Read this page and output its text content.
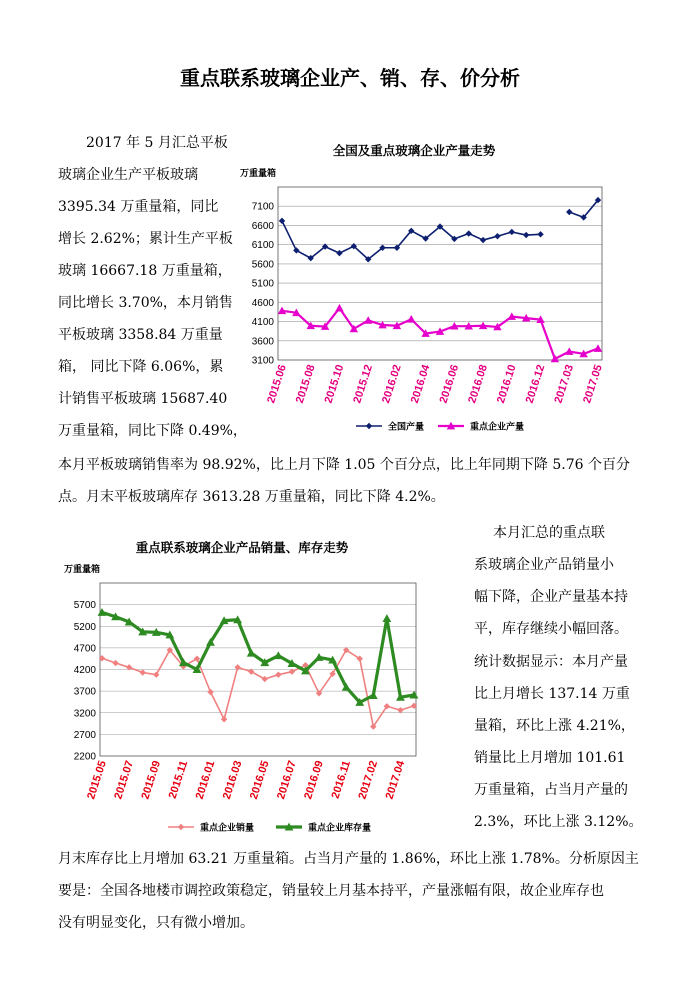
重点联系玻璃企业产、销、存、价分析
2017 年 5 月汇总平板
玻璃企业生产平板玻璃
3395.34 万重量箱，同比
增长 2.62%；累计生产平板
玻璃 16667.18 万重量箱，
同比增长 3.70%，本月销售
平板玻璃 3358.84 万重量
箱， 同比下降 6.06%，累
计销售平板玻璃 15687.40
万重量箱，同比下降 0.49%，
本月平板玻璃销售率为 98.92%，比上月下降 1.05 个百分点，比上年同期下降 5.76 个百分
点。月末平板玻璃库存 3613.28 万重量箱，同比下降 4.2%。
全国及重点玻璃企业产量走势
万重量箱
3100
3600
4100
4600
5100
5600
6100
6600
7100
2015.06 2015.08 2015.10 2015.12 2016.02 2016.04 2016.06 2016.08 2016.10 2016.12 2017.03 2017.05
全国产量	重点企业产量
本月汇总的重点联
系玻璃企业产品销量小
幅下降，企业产量基本持
平，库存继续小幅回落。
统计数据显示：本月产量
比上月增长 137.14 万重
量箱，环比上涨 4.21%，
销量比上月增加 101.61
万重量箱，占当月产量的
2.3%，环比上涨 3.12%。
月末库存比上月增加 63.21 万重量箱。占当月产量的 1.86%，环比上涨 1.78%。分析原因主
要是：全国各地楼市调控政策稳定，销量较上月基本持平，产量涨幅有限，故企业库存也
没有明显变化，只有微小增加。
重点联系玻璃企业产品销量、库存走势
万重量箱
2200
2700
3200
3700
4200
4700
5200
5700
2015.05 2015.07 2015.09 2015.11 2016.01 2016.03 2016.05 2016.07 2016.09 2016.11 2017.02 2017.04
重点企业销量	重点企业库存量
